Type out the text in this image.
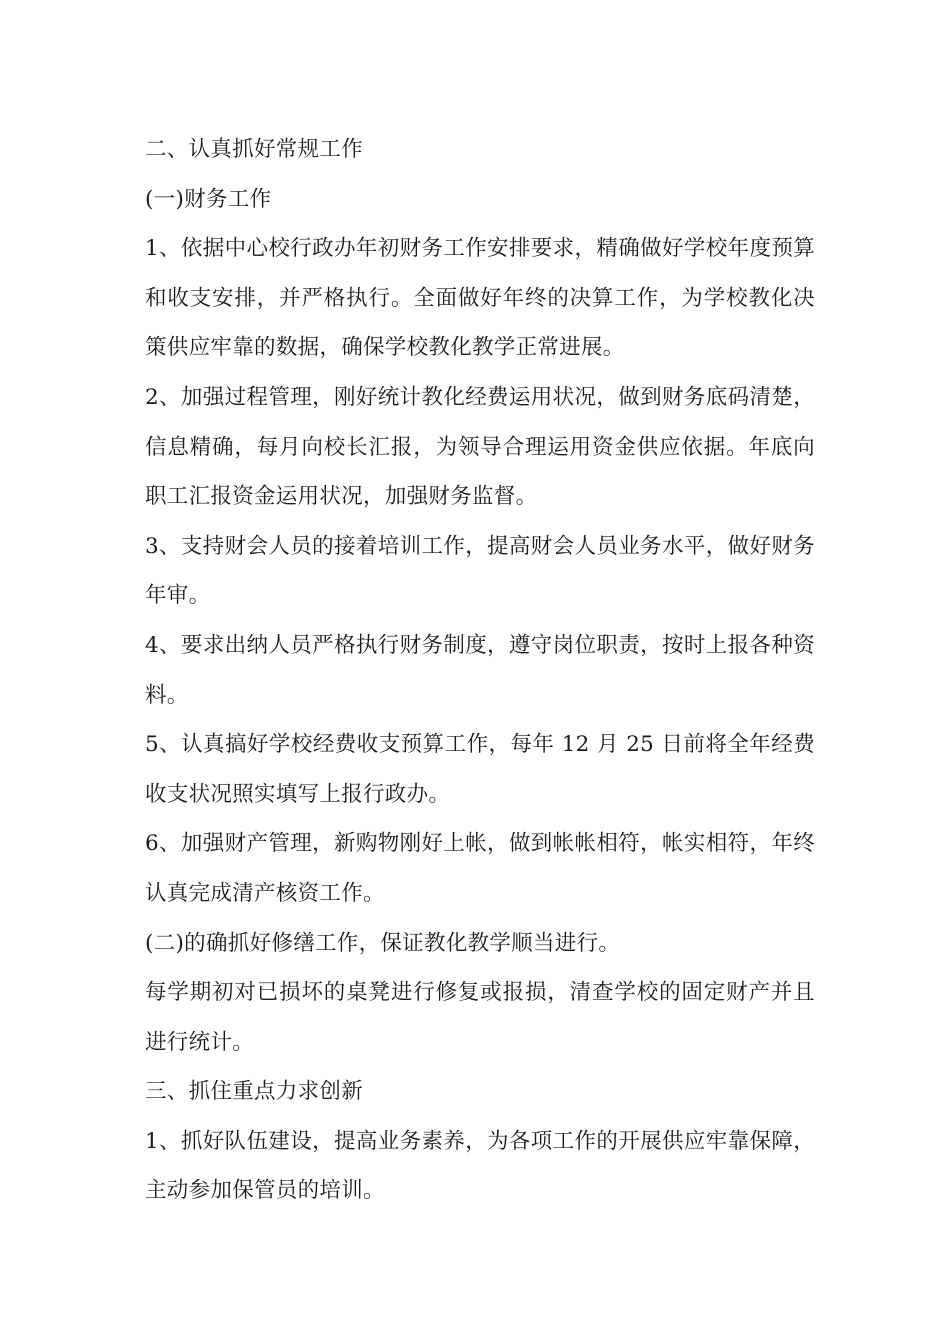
二、认真抓好常规工作

(一)财务工作

1、依据中心校行政办年初财务工作安排要求，精确做好学校年度预算和收支安排，并严格执行。全面做好年终的决算工作，为学校教化决策供应牢靠的数据，确保学校教化教学正常进展。

2、加强过程管理，刚好统计教化经费运用状况，做到财务底码清楚，信息精确，每月向校长汇报，为领导合理运用资金供应依据。年底向职工汇报资金运用状况，加强财务监督。

3、支持财会人员的接着培训工作，提高财会人员业务水平，做好财务年审。

4、要求出纳人员严格执行财务制度，遵守岗位职责，按时上报各种资料。

5、认真搞好学校经费收支预算工作，每年 12 月 25 日前将全年经费收支状况照实填写上报行政办。

6、加强财产管理，新购物刚好上帐，做到帐帐相符，帐实相符，年终认真完成清产核资工作。

(二)的确抓好修缮工作，保证教化教学顺当进行。

每学期初对已损坏的桌凳进行修复或报损，清查学校的固定财产并且进行统计。

三、抓住重点力求创新

1、抓好队伍建设，提高业务素养，为各项工作的开展供应牢靠保障，主动参加保管员的培训。
